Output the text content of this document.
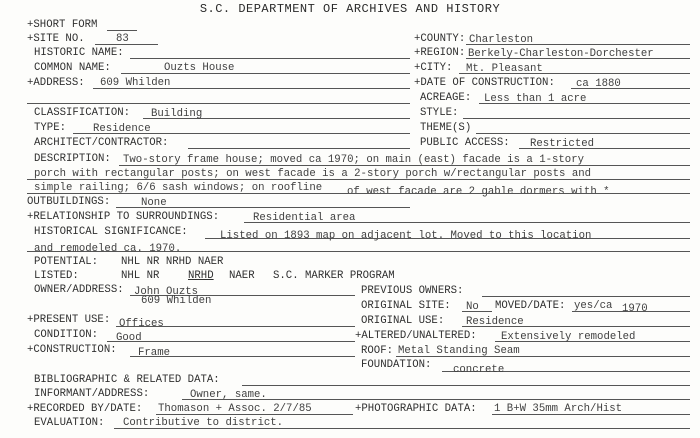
S.C. DEPARTMENT OF ARCHIVES AND HISTORY
+SHORT FORM
+SITE NO.	83	+COUNTY: Charleston
HISTORIC NAME:	+REGION: Berkely-Charleston-Dorchester
COMMON NAME:	Ouzts House	+CITY: Mt. Pleasant
+ADDRESS: 609 Whilden	+DATE OF CONSTRUCTION: ca 1880
ACREAGE: Less than 1 acre
CLASSIFICATION: Building	STYLE:
TYPE: Residence	THEME(S)
ARCHITECT/CONTRACTOR:	PUBLIC ACCESS: Restricted
DESCRIPTION: Two-story frame house; moved ca 1970; on main (east) facade is a 1-story
porch with rectangular posts; on west facade is a 2-story porch w/rectangular posts and
simple railing; 6/6 sash windows; on roofline of west facade are 2 gable dormers with *
OUTBUILDINGS:	None
+RELATIONSHIP TO SURROUNDINGS:	Residential area
HISTORICAL SIGNIFICANCE:	Listed on 1893 map on adjacent lot. Moved to this location
and remodeled ca. 1970.
POTENTIAL: NHL NR NRHD NAER
LISTED:	NHL NR	NRHD NAER S.C. MARKER PROGRAM
OWNER/ADDRESS: John Ouzts
609 Whilden
PREVIOUS OWNERS:
ORIGINAL SITE: No MOVED/DATE: yes/ca 1970
+PRESENT USE: Offices	ORIGINAL USE: Residence
CONDITION: Good	+ALTERED/UNALTERED: Extensively remodeled
+CONSTRUCTION: Frame	ROOF: Metal Standing Seam
FOUNDATION: concrete
BIBLIOGRAPHIC & RELATED DATA:
INFORMANT/ADDRESS:	Owner, same.
+RECORDED BY/DATE: Thomason + Assoc. 2/7/85	+PHOTOGRAPHIC DATA: 1 B+W 35mm Arch/Hist
EVALUATION: Contributive to district.
